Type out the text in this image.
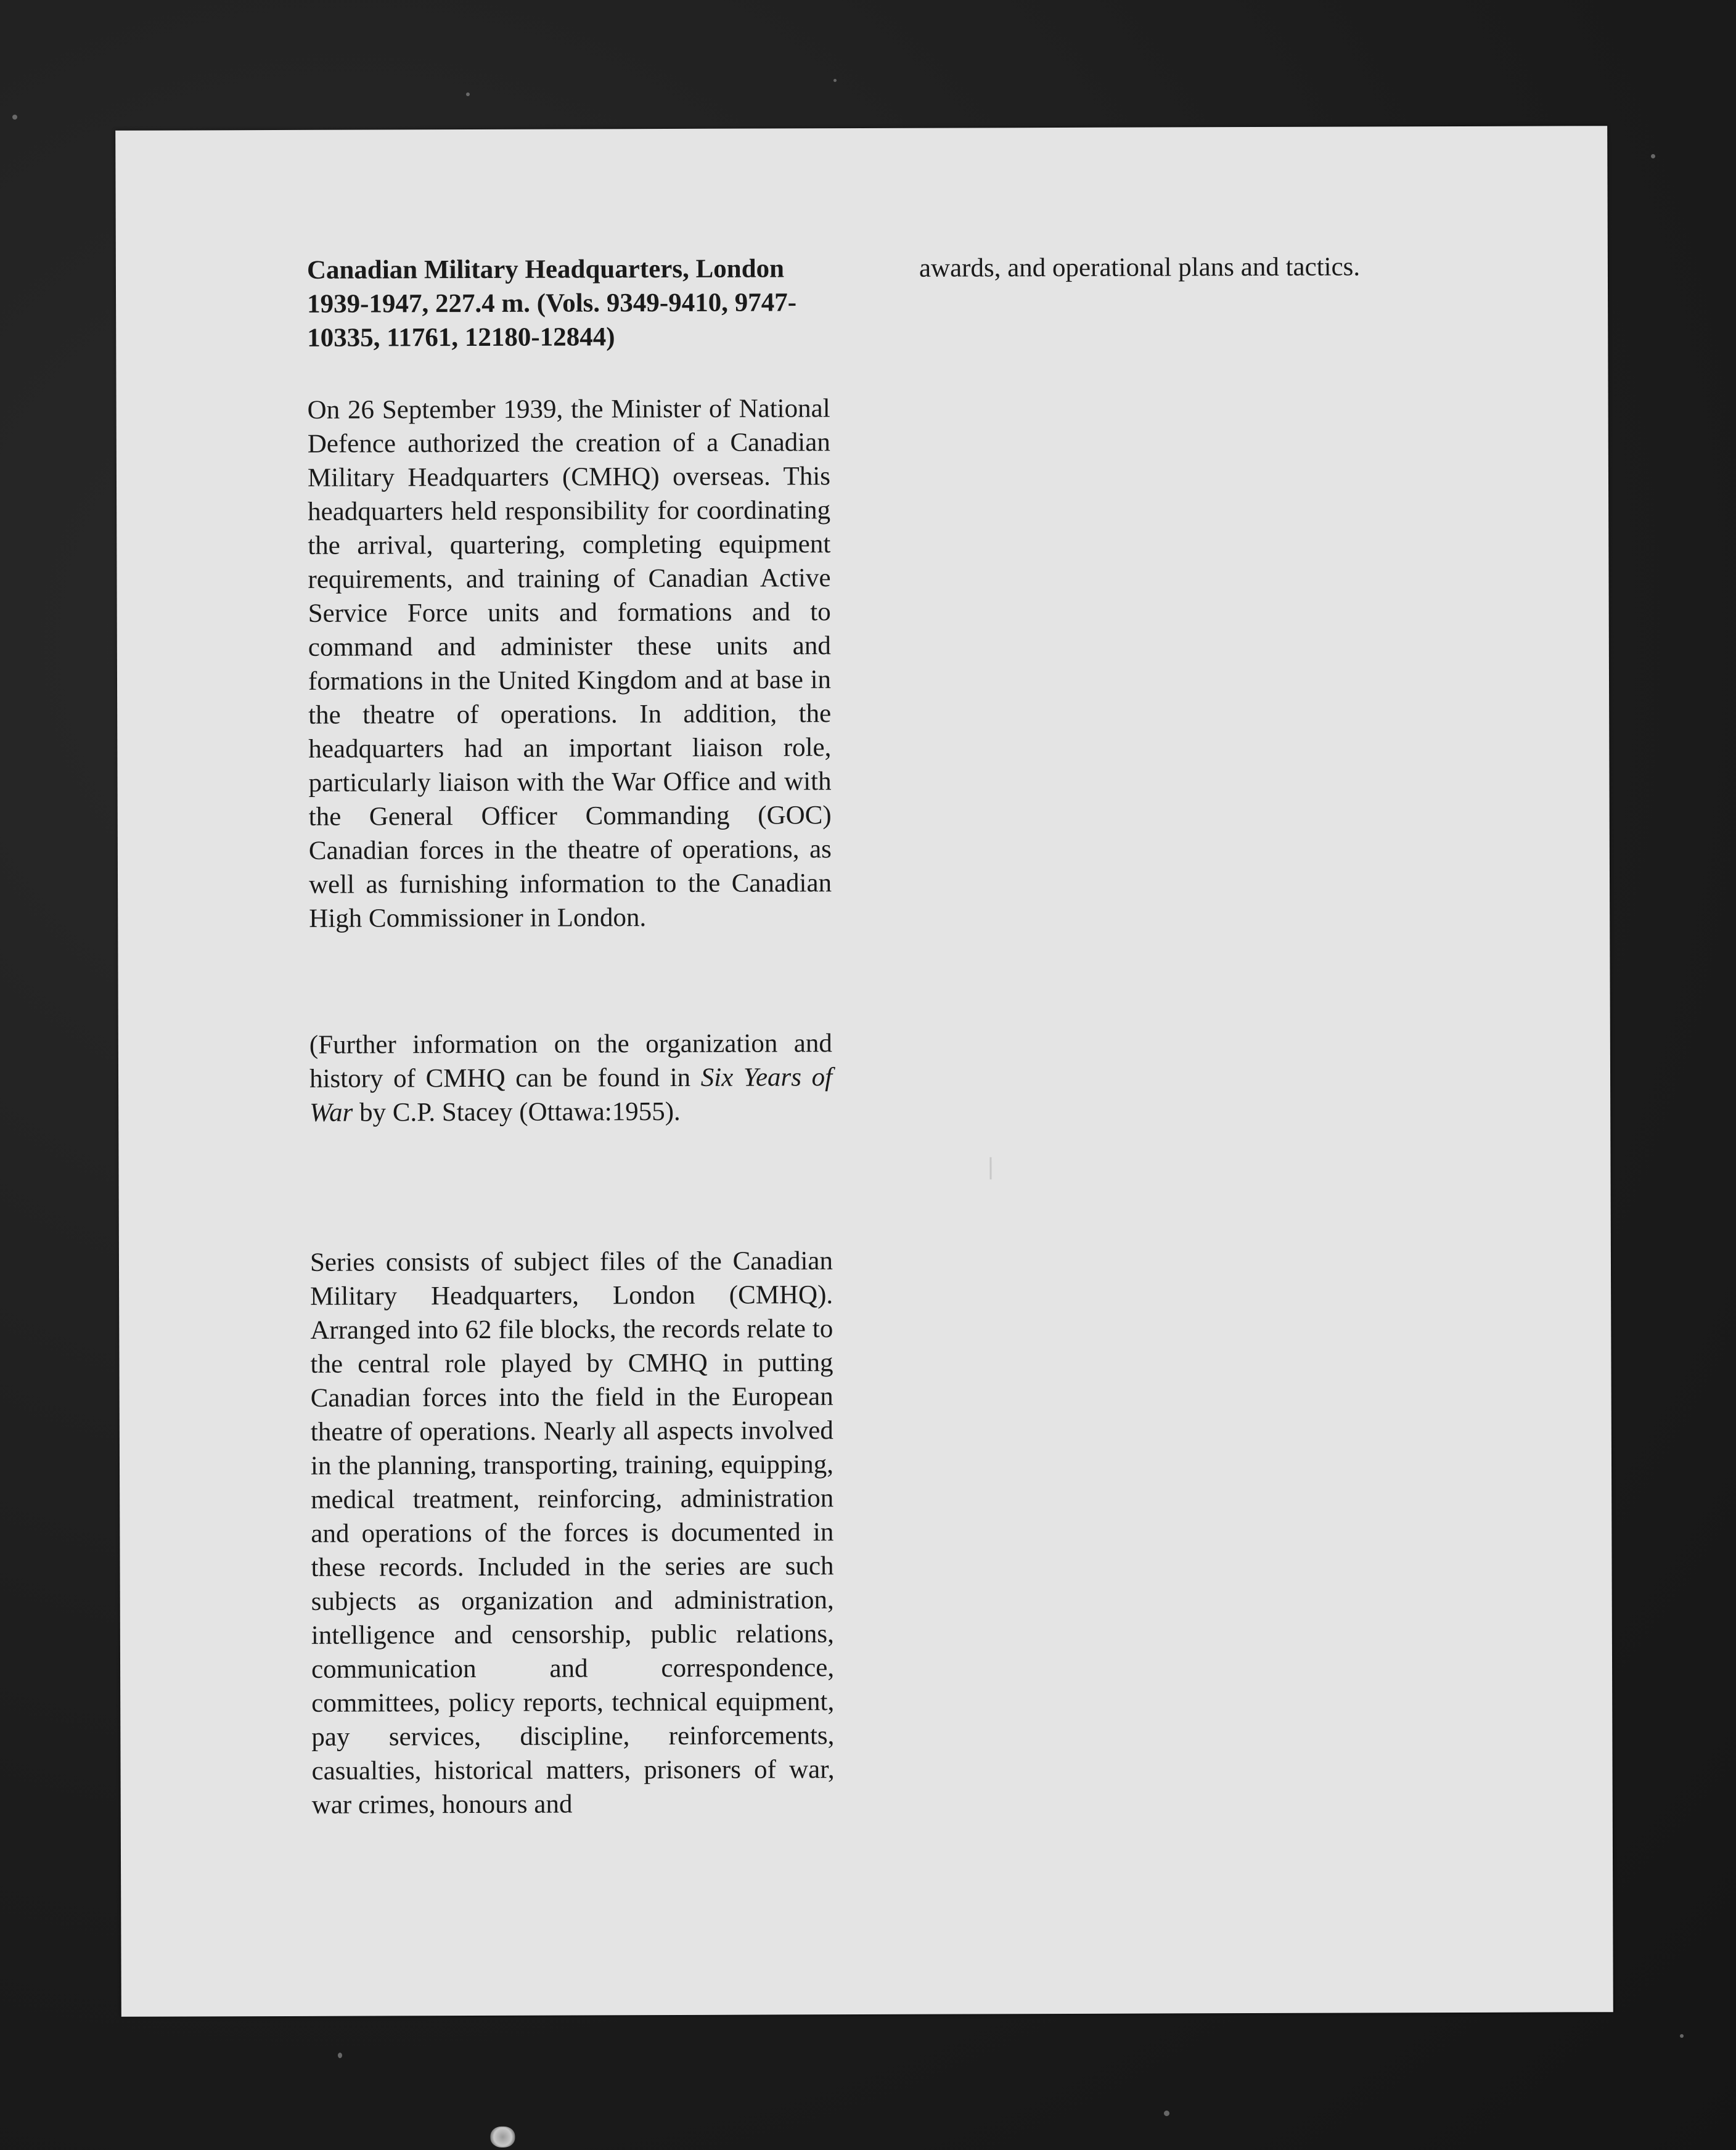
Canadian Military Headquarters, London 1939-1947, 227.4 m. (Vols. 9349-9410, 9747-10335, 11761, 12180-12844)

On 26 September 1939, the Minister of National Defence authorized the creation of a Canadian Military Headquarters (CMHQ) overseas. This headquarters held responsibility for coordinating the arrival, quartering, completing equipment requirements, and training of Canadian Active Service Force units and formations and to command and administer these units and formations in the United Kingdom and at base in the theatre of operations. In addition, the headquarters had an important liaison role, particularly liaison with the War Office and with the General Officer Commanding (GOC) Canadian forces in the theatre of operations, as well as furnishing information to the Canadian High Commissioner in London.

(Further information on the organization and history of CMHQ can be found in Six Years of War by C.P. Stacey (Ottawa:1955).

Series consists of subject files of the Canadian Military Headquarters, London (CMHQ). Arranged into 62 file blocks, the records relate to the central role played by CMHQ in putting Canadian forces into the field in the European theatre of operations. Nearly all aspects involved in the planning, transporting, training, equipping, medical treatment, reinforcing, administration and operations of the forces is documented in these records. Included in the series are such subjects as organization and administration, intelligence and censorship, public relations, communication and correspondence, committees, policy reports, technical equipment, pay services, discipline, reinforcements, casualties, historical matters, prisoners of war, war crimes, honours and

awards, and operational plans and tactics.
